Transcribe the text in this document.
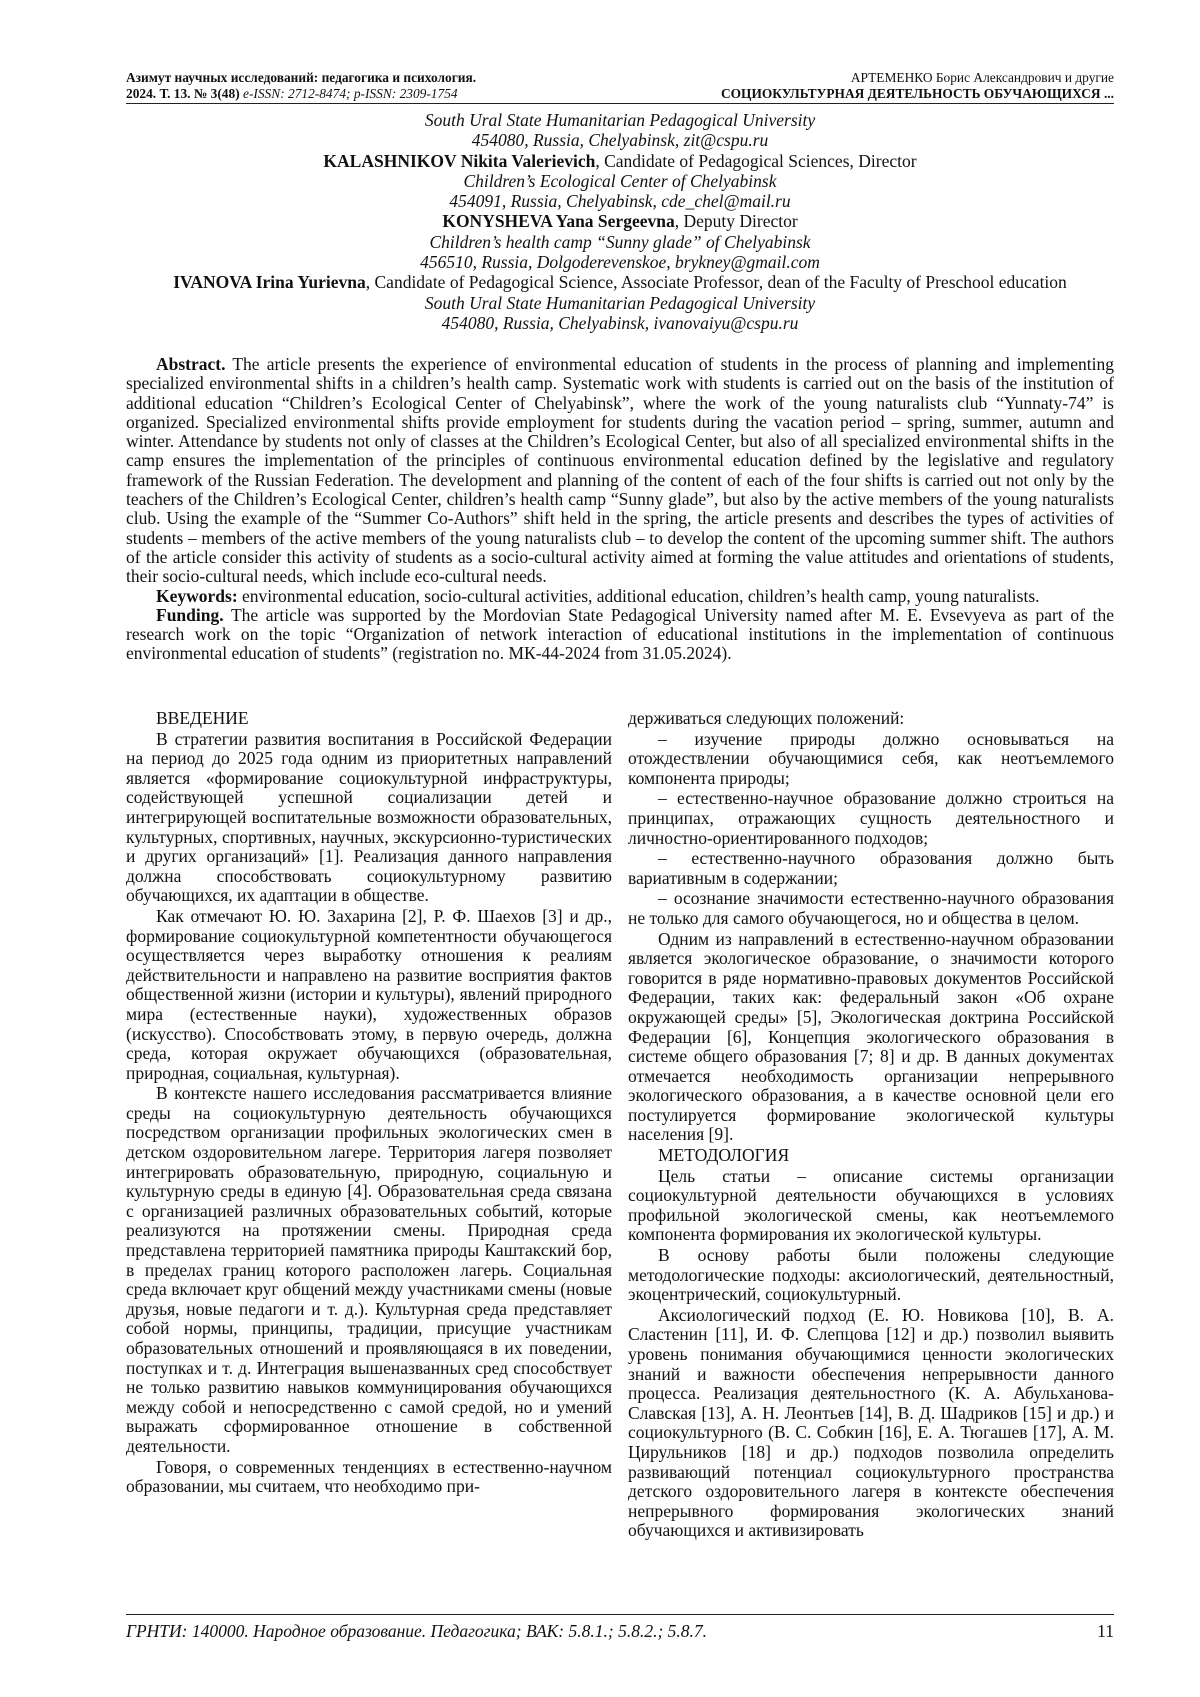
Азимут научных исследований: педагогика и психология.
2024. Т. 13. № 3(48) e-ISSN: 2712-8474; p-ISSN: 2309-1754
АРТЕМЕНКО Борис Александрович и другие
СОЦИОКУЛЬТУРНАЯ ДЕЯТЕЛЬНОСТЬ ОБУЧАЮЩИХСЯ ...

South Ural State Humanitarian Pedagogical University

454080, Russia, Chelyabinsk, zit@cspu.ru

KALASHNIKOV Nikita Valerievich, Candidate of Pedagogical Sciences, Director

Children’s Ecological Center of Chelyabinsk

454091, Russia, Chelyabinsk, cde_chel@mail.ru

KONYSHEVA Yana Sergeevna, Deputy Director

Children’s health camp “Sunny glade” of Chelyabinsk

456510, Russia, Dolgoderevenskoe, brykney@gmail.com

IVANOVA Irina Yurievna, Candidate of Pedagogical Science, Associate Professor, dean of the Faculty of Preschool education

South Ural State Humanitarian Pedagogical University

454080, Russia, Chelyabinsk, ivanovaiyu@cspu.ru

Abstract. The article presents the experience of environmental education of students in the process of planning and implementing specialized environmental shifts in a children’s health camp. Systematic work with students is carried out on the basis of the institution of additional education “Children’s Ecological Center of Chelyabinsk”, where the work of the young naturalists club “Yunnaty-74” is organized. Specialized environmental shifts provide employment for students during the vacation period – spring, summer, autumn and winter. Attendance by students not only of classes at the Children’s Ecological Center, but also of all specialized environmental shifts in the camp ensures the implementation of the principles of continuous environmental education defined by the legislative and regulatory framework of the Russian Federation. The development and planning of the content of each of the four shifts is carried out not only by the teachers of the Children’s Ecological Center, children’s health camp “Sunny glade”, but also by the active members of the young naturalists club. Using the example of the “Summer Co-Authors” shift held in the spring, the article presents and describes the types of activities of students – members of the active members of the young naturalists club – to develop the content of the upcoming summer shift. The authors of the article consider this activity of students as a socio-cultural activity aimed at forming the value attitudes and orientations of students, their socio-cultural needs, which include eco-cultural needs.

Keywords: environmental education, socio-cultural activities, additional education, children’s health camp, young naturalists.

Funding. The article was supported by the Mordovian State Pedagogical University named after M. E. Evsevyeva as part of the research work on the topic “Organization of network interaction of educational institutions in the implementation of continuous environmental education of students” (registration no. МК-44-2024 from 31.05.2024).

ВВЕДЕНИЕ

В стратегии развития воспитания в Российской Федерации на период до 2025 года одним из приоритетных направлений является «формирование социокультурной инфраструктуры, содействующей успешной социализации детей и интегрирующей воспитательные возможности образовательных, культурных, спортивных, научных, экскурсионно-туристических и других организаций» [1]. Реализация данного направления должна способствовать социокультурному развитию обучающихся, их адаптации в обществе.

Как отмечают Ю. Ю. Захарина [2], Р. Ф. Шаехов [3] и др., формирование социокультурной компетентности обучающегося осуществляется через выработку отношения к реалиям действительности и направлено на развитие восприятия фактов общественной жизни (истории и культуры), явлений природного мира (естественные науки), художественных образов (искусство). Способствовать этому, в первую очередь, должна среда, которая окружает обучающихся (образовательная, природная, социальная, культурная).

В контексте нашего исследования рассматривается влияние среды на социокультурную деятельность обучающихся посредством организации профильных экологических смен в детском оздоровительном лагере. Территория лагеря позволяет интегрировать образовательную, природную, социальную и культурную среды в единую [4]. Образовательная среда связана с организацией различных образовательных событий, которые реализуются на протяжении смены. Природная среда представлена территорией памятника природы Каштакский бор, в пределах границ которого расположен лагерь. Социальная среда включает круг общений между участниками смены (новые друзья, новые педагоги и т. д.). Культурная среда представляет собой нормы, принципы, традиции, присущие участникам образовательных отношений и проявляющаяся в их поведении, поступках и т. д. Интеграция вышеназванных сред способствует не только развитию навыков коммуницирования обучающихся между собой и непосредственно с самой средой, но и умений выражать сформированное отношение в собственной деятельности.

Говоря, о современных тенденциях в естественно-научном образовании, мы считаем, что необходимо при-

держиваться следующих положений:

– изучение природы должно основываться на отождествлении обучающимися себя, как неотъемлемого компонента природы;

– естественно-научное образование должно строиться на принципах, отражающих сущность деятельностного и личностно-ориентированного подходов;

– естественно-научного образования должно быть вариативным в содержании;

– осознание значимости естественно-научного образования не только для самого обучающегося, но и общества в целом.

Одним из направлений в естественно-научном образовании является экологическое образование, о значимости которого говорится в ряде нормативно-правовых документов Российской Федерации, таких как: федеральный закон «Об охране окружающей среды» [5], Экологическая доктрина Российской Федерации [6], Концепция экологического образования в системе общего образования [7; 8] и др. В данных документах отмечается необходимость организации непрерывного экологического образования, а в качестве основной цели его постулируется формирование экологической культуры населения [9].

МЕТОДОЛОГИЯ

Цель статьи – описание системы организации социокультурной деятельности обучающихся в условиях профильной экологической смены, как неотъемлемого компонента формирования их экологической культуры.

В основу работы были положены следующие методологические подходы: аксиологический, деятельностный, экоцентрический, социокультурный.

Аксиологический подход (Е. Ю. Новикова [10], В. А. Сластенин [11], И. Ф. Слепцова [12] и др.) позволил выявить уровень понимания обучающимися ценности экологических знаний и важности обеспечения непрерывности данного процесса. Реализация деятельностного (К. А. Абульханова-Славская [13], А. Н. Леонтьев [14], В. Д. Шадриков [15] и др.) и социокультурного (В. С. Собкин [16], Е. А. Тюгашев [17], А. М. Цирульников [18] и др.) подходов позволила определить развивающий потенциал социокультурного пространства детского оздоровительного лагеря в контексте обеспечения непрерывного формирования экологических знаний обучающихся и активизировать

ГРНТИ: 140000. Народное образование. Педагогика; ВАК: 5.8.1.; 5.8.2.; 5.8.7.	11
